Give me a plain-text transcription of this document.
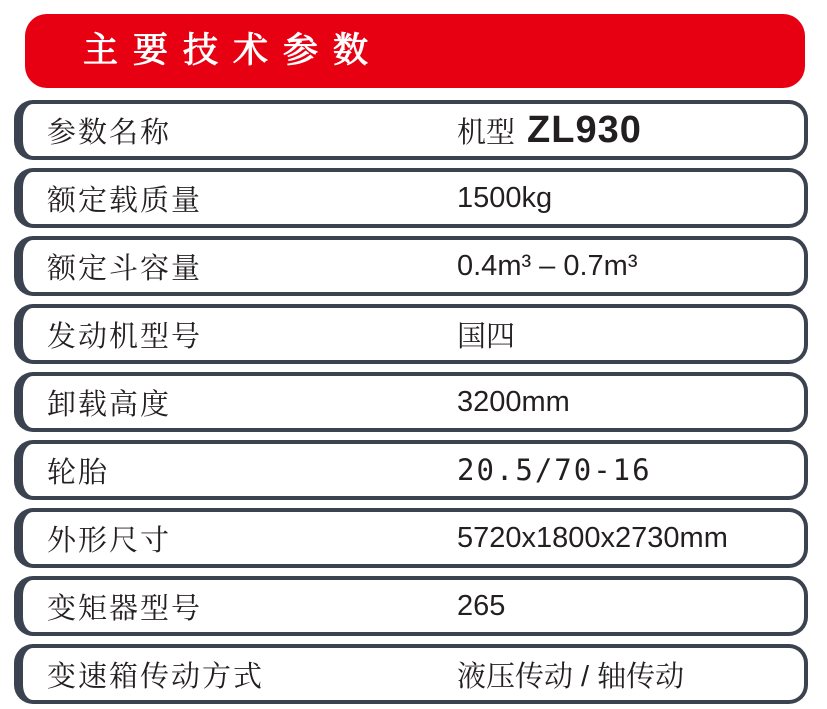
主要技术参数
参数名称	机型 ZL930
额定载质量	1500kg
额定斗容量	0.4m³ – 0.7m³
发动机型号	国四
卸载高度	3200mm
轮胎	20.5/70-16
外形尺寸	5720x1800x2730mm
变矩器型号	265
变速箱传动方式	液压传动 / 轴传动
